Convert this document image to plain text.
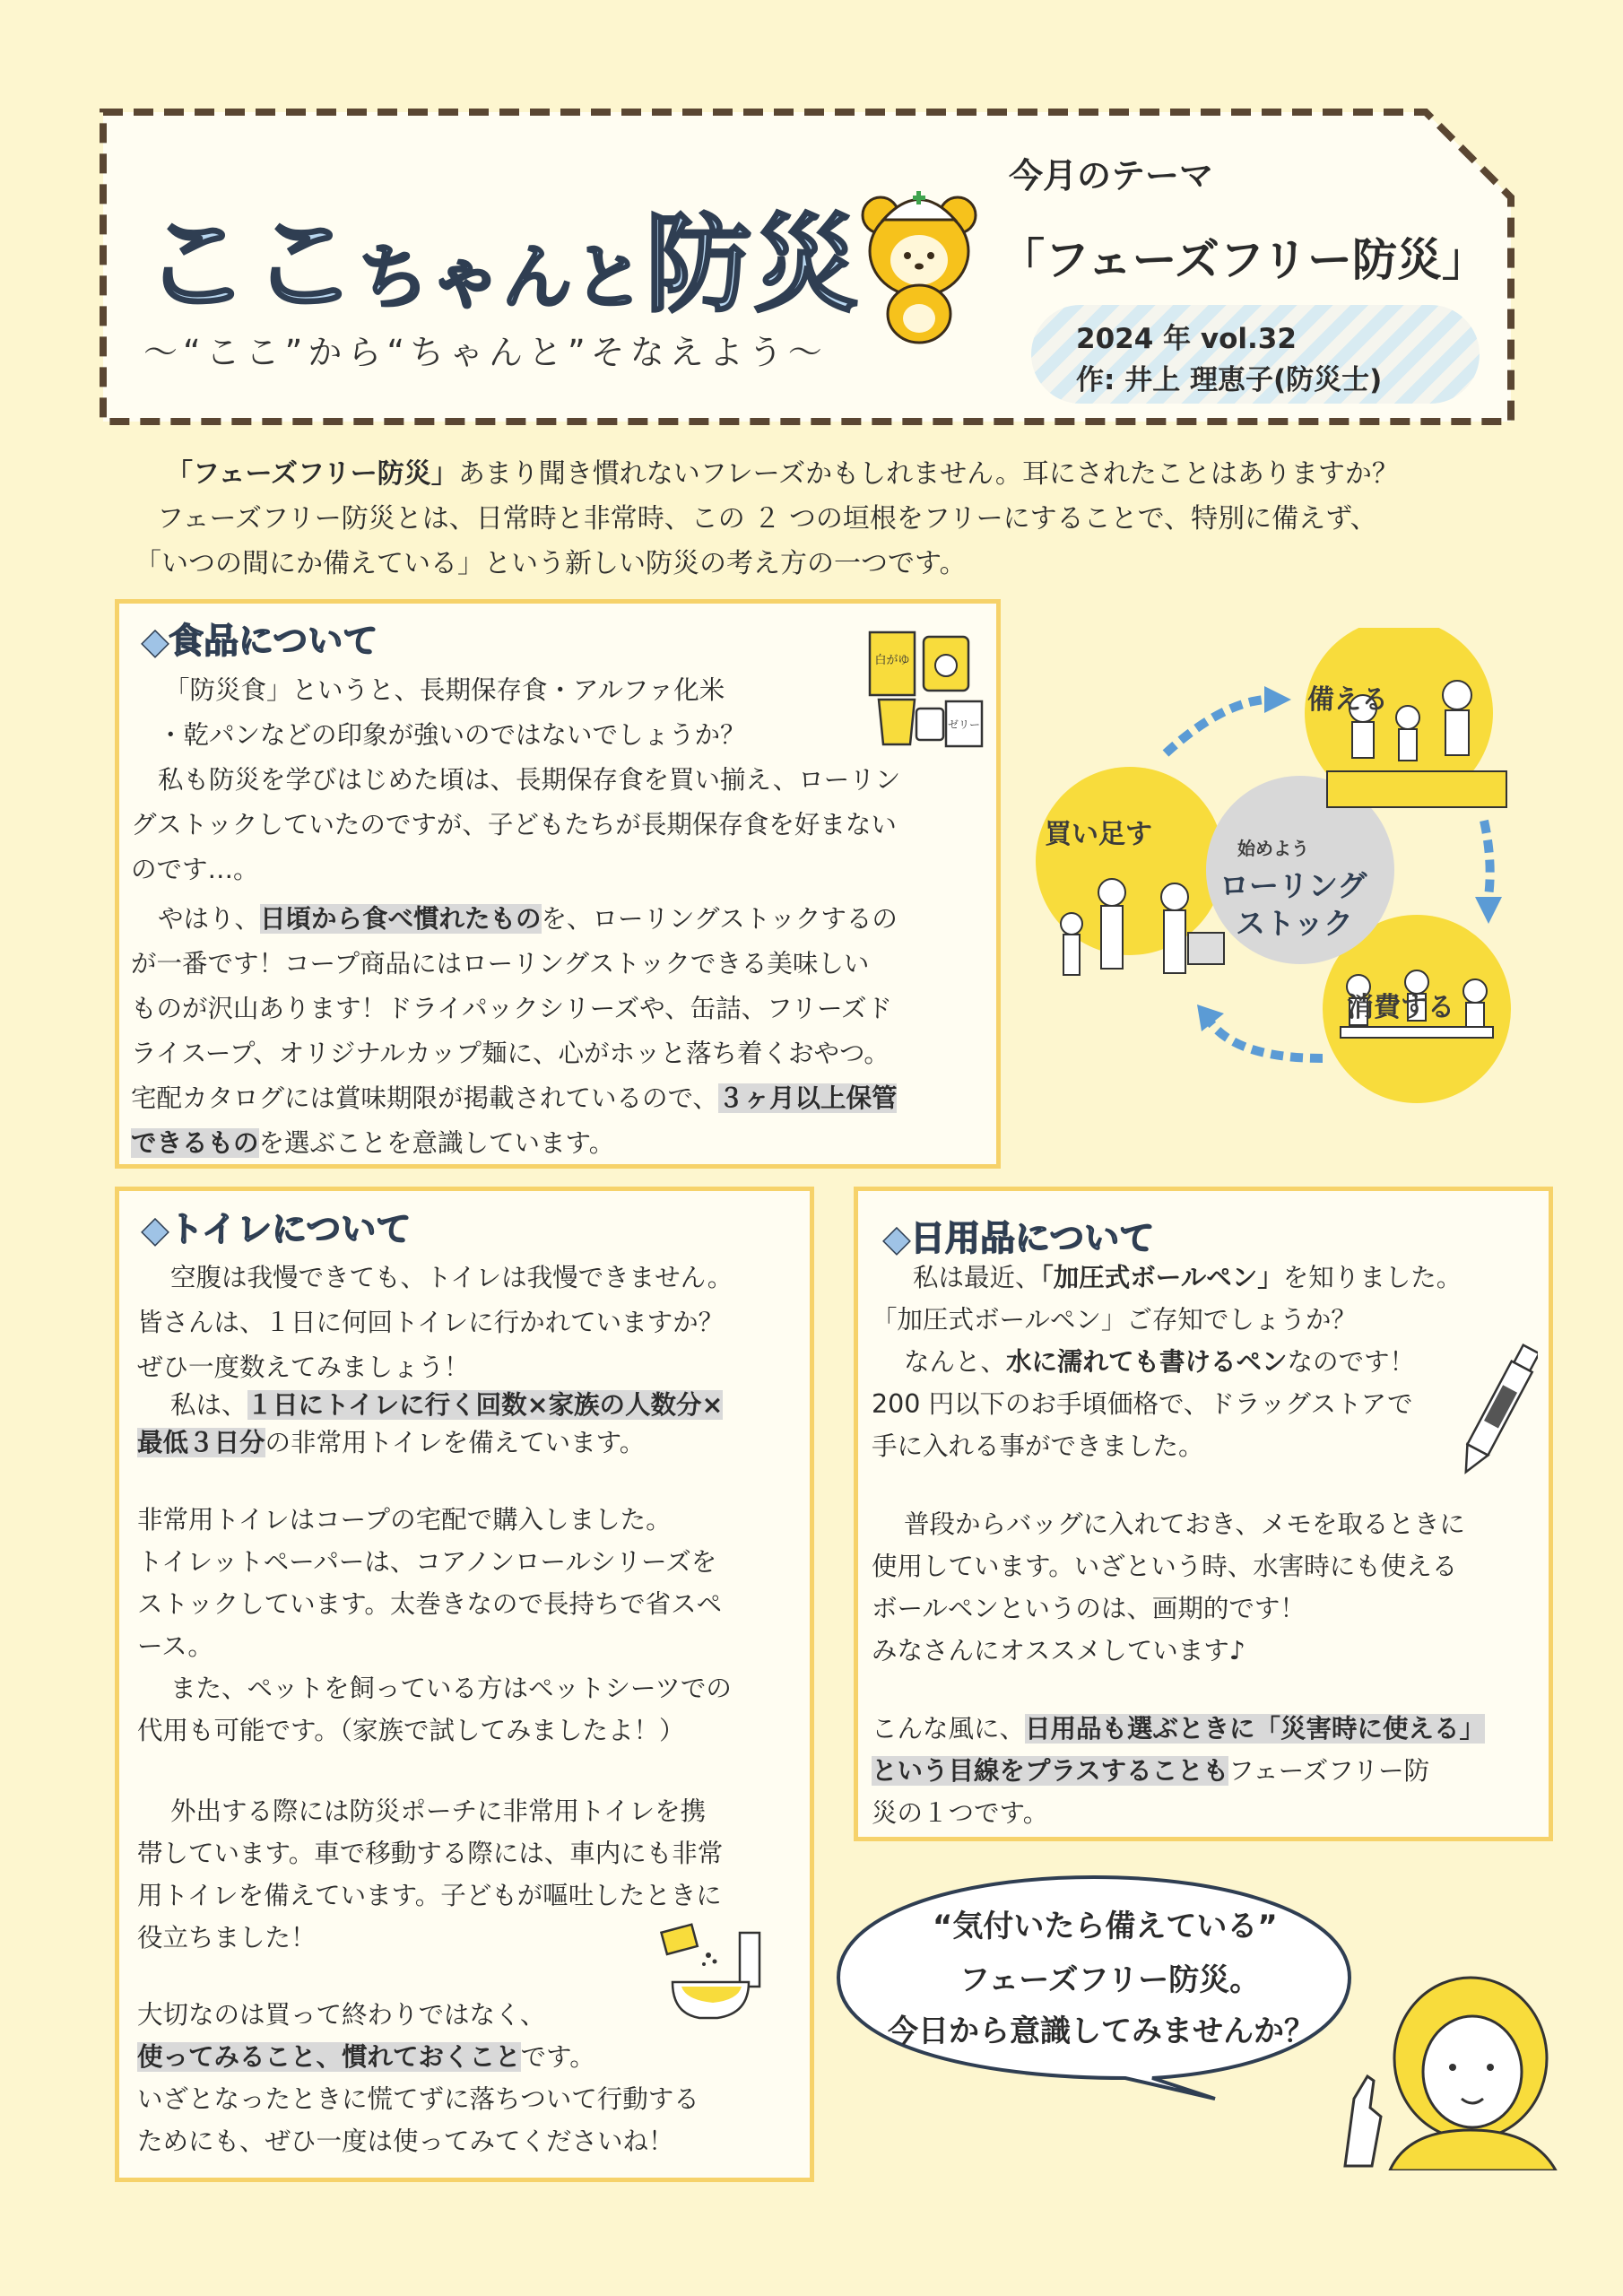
ここちゃんと防災
～“ここ”から“ちゃんと”そなえよう～
今月のテーマ
「フェーズフリー防災」
2024 年 vol.32
作: 井上 理恵子(防災士)
「フェーズフリー防災」あまり聞き慣れないフレーズかもしれません。耳にされたことはありますか？
フェーズフリー防災とは、日常時と非常時、この ２ つの垣根をフリーにすることで、特別に備えず、
「いつの間にか備えている」という新しい防災の考え方の一つです。
◆食品について	白がゆ
ゼリー
「防災食」というと、長期保存食・アルファ化米
・乾パンなどの印象が強いのではないでしょうか？
私も防災を学びはじめた頃は、長期保存食を買い揃え、ローリン
グストックしていたのですが、子どもたちが長期保存食を好まない
のです…。
やはり、日頃から食べ慣れたものを、ローリングストックするの
が一番です！コープ商品にはローリングストックできる美味しい
ものが沢山あります！ドライパックシリーズや、缶詰、フリーズド
ライスープ、オリジナルカップ麺に、心がホッと落ち着くおやつ。
宅配カタログには賞味期限が掲載されているので、３ヶ月以上保管
できるものを選ぶことを意識しています。
備える
消費する
買い足す	始めよう
ローリング
ストック
◆トイレについて
空腹は我慢できても、トイレは我慢できません。
皆さんは、１日に何回トイレに行かれていますか？
ぜひ一度数えてみましょう！
私は、１日にトイレに行く回数×家族の人数分×
最低３日分の非常用トイレを備えています。
非常用トイレはコープの宅配で購入しました。
トイレットペーパーは、コアノンロールシリーズを
ストックしています。太巻きなので長持ちで省スペ
ース。
また、ペットを飼っている方はペットシーツでの
代用も可能です。（家族で試してみましたよ！）
外出する際には防災ポーチに非常用トイレを携
帯しています。車で移動する際には、車内にも非常
用トイレを備えています。子どもが嘔吐したときに
役立ちました！
大切なのは買って終わりではなく、
使ってみること、慣れておくことです。
いざとなったときに慌てずに落ちついて行動する
ためにも、ぜひ一度は使ってみてくださいね！
◆日用品について
私は最近、「加圧式ボールペン」を知りました。
「加圧式ボールペン」ご存知でしょうか？
なんと、水に濡れても書けるペンなのです！
200 円以下のお手頃価格で、ドラッグストアで
手に入れる事ができました。
普段からバッグに入れておき、メモを取るときに
使用しています。いざという時、水害時にも使える
ボールペンというのは、画期的です！
みなさんにオススメしています♪
こんな風に、日用品も選ぶときに「災害時に使える」
という目線をプラスすることもフェーズフリー防
災の１つです。
“気付いたら備えている”
フェーズフリー防災。
今日から意識してみませんか？
